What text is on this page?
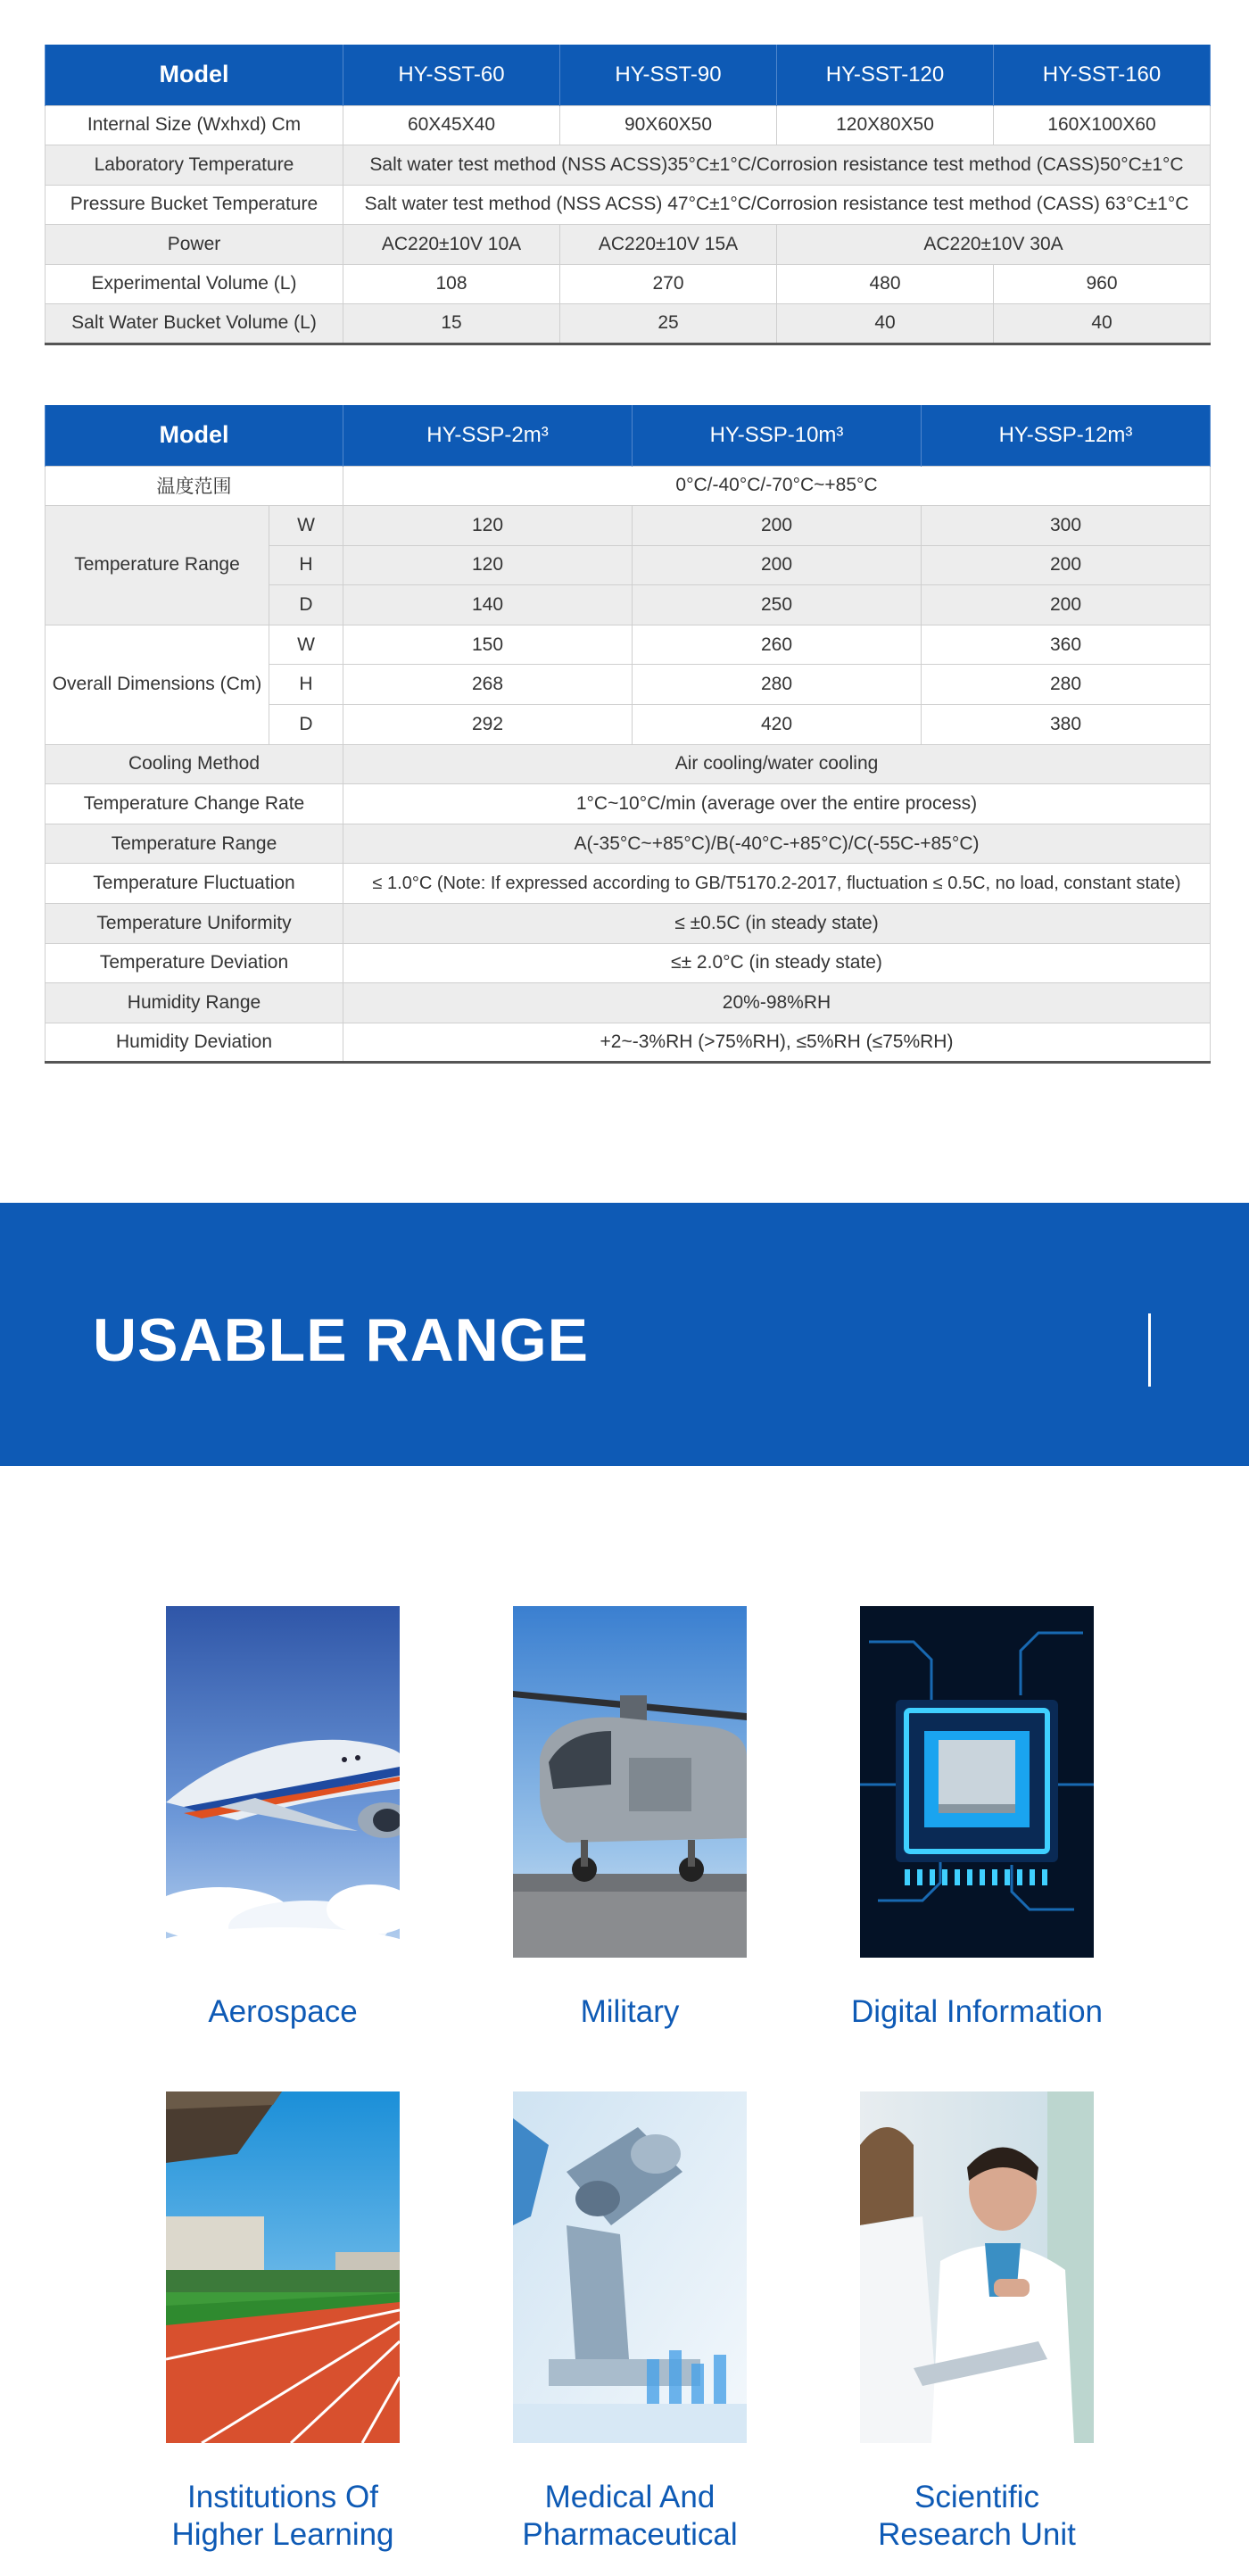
Model	HY-SST-60	HY-SST-90	HY-SST-120	HY-SST-160
Internal Size (Wxhxd) Cm	60X45X40	90X60X50	120X80X50	160X100X60
Laboratory Temperature	Salt water test method (NSS ACSS)35°C±1°C/Corrosion resistance test method (CASS)50°C±1°C			
Pressure Bucket Temperature	Salt water test method (NSS ACSS) 47°C±1°C/Corrosion resistance test method (CASS) 63°C±1°C			
Power	AC220±10V 10A	AC220±10V 15A	AC220±10V 30A	
Experimental Volume (L)	108	270	480	960
Salt Water Bucket Volume (L)	15	25	40	40
Model		HY-SSP-2m³	HY-SSP-10m³	HY-SSP-12m³
温度范围		0°C/-40°C/-70°C~+85°C		
Temperature Range	W	120	200	300
	H	120	200	200
	D	140	250	200
Overall Dimensions (Cm)	W	150	260	360
	H	268	280	280
	D	292	420	380
Cooling Method		Air cooling/water cooling		
Temperature Change Rate		1°C~10°C/min (average over the entire process)		
Temperature Range		A(-35°C~+85°C)/B(-40°C-+85°C)/C(-55C-+85°C)		
Temperature Fluctuation		≤ 1.0°C (Note: If expressed according to GB/T5170.2-2017, fluctuation ≤ 0.5C, no load, constant state)		
Temperature Uniformity		≤ ±0.5C (in steady state)		
Temperature Deviation		≤± 2.0°C (in steady state)		
Humidity Range		20%-98%RH		
Humidity Deviation		+2~-3%RH (>75%RH), ≤5%RH (≤75%RH)		
USABLE RANGE
Aerospace	Military	Digital Information
Institutions Of
Higher Learning
Medical And
Pharmaceutical
Scientific
Research Unit
